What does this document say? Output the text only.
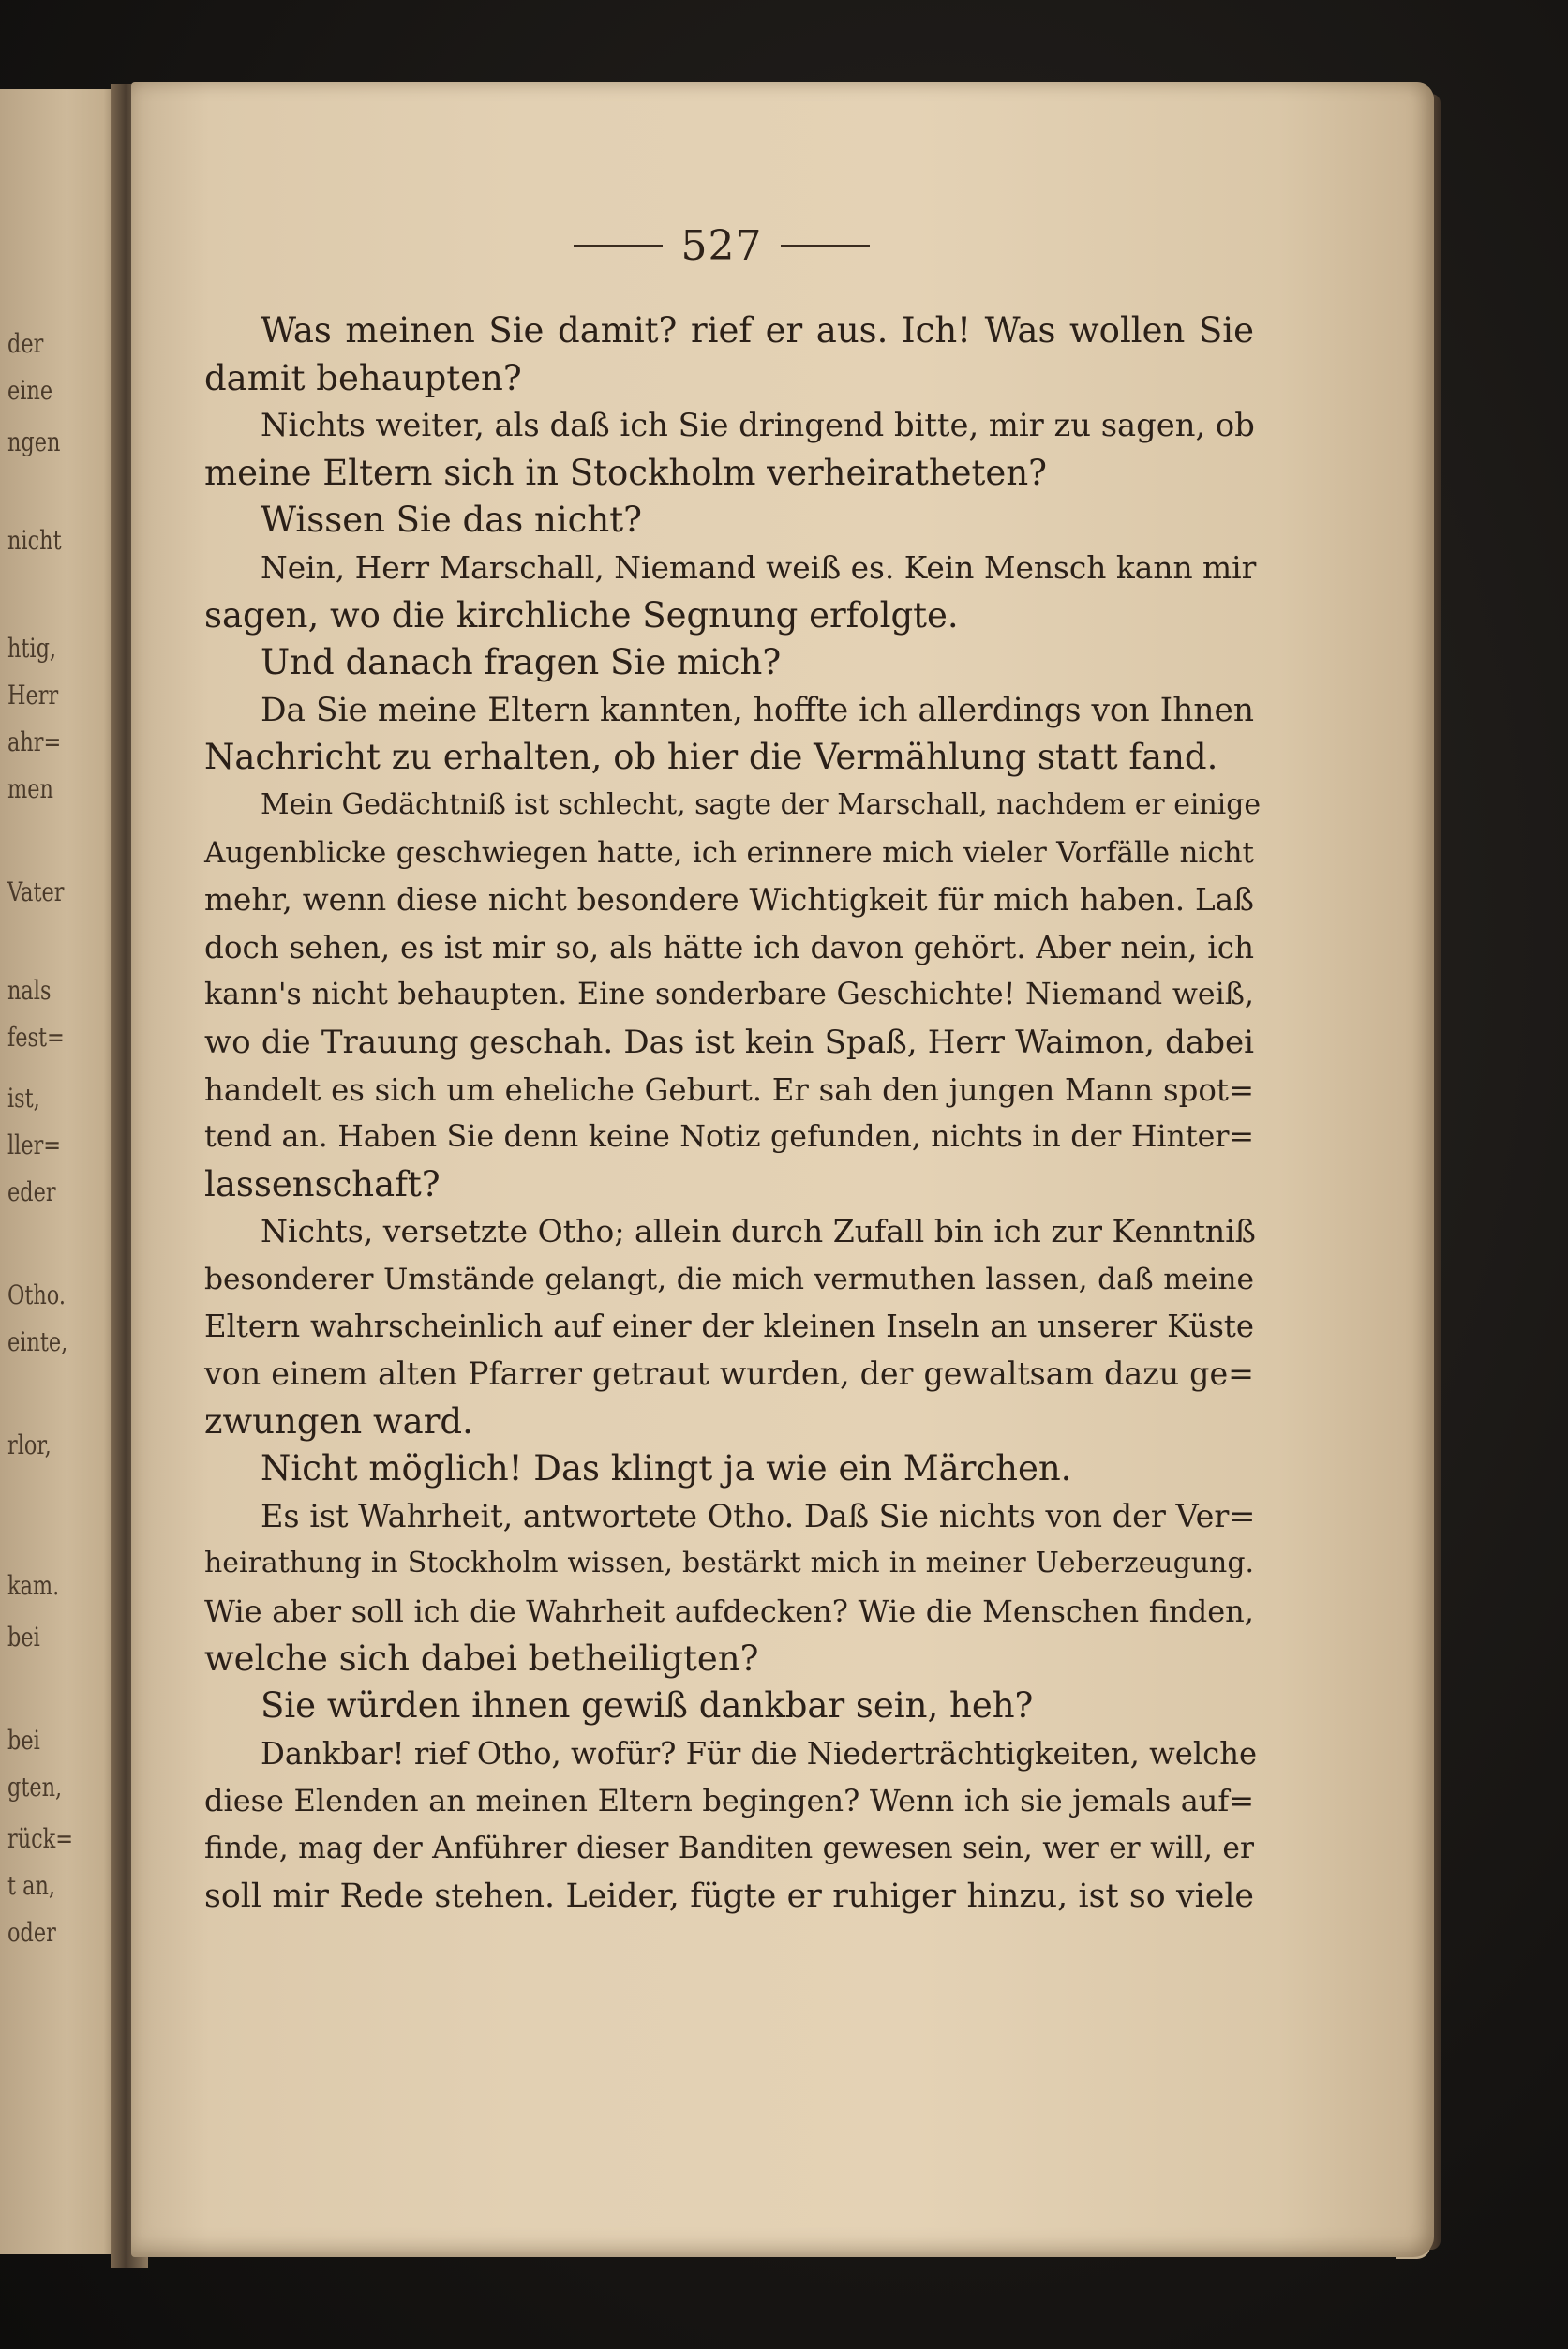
der
eine
ngen
nicht
htig,
Herr
ahr=
men
Vater
nals
fest=
ist,
ller=
eder
Otho.
einte,
rlor,
kam.
bei
bei
gten,
rück=
t an,
oder
527
Was meinen Sie damit? rief er aus. Ich! Was wollen Sie
damit behaupten?
Nichts weiter, als daß ich Sie dringend bitte, mir zu sagen, ob
meine Eltern sich in Stockholm verheiratheten?
Wissen Sie das nicht?
Nein, Herr Marschall, Niemand weiß es. Kein Mensch kann mir
sagen, wo die kirchliche Segnung erfolgte.
Und danach fragen Sie mich?
Da Sie meine Eltern kannten, hoffte ich allerdings von Ihnen
Nachricht zu erhalten, ob hier die Vermählung statt fand.
Mein Gedächtniß ist schlecht, sagte der Marschall, nachdem er einige
Augenblicke geschwiegen hatte, ich erinnere mich vieler Vorfälle nicht
mehr, wenn diese nicht besondere Wichtigkeit für mich haben. Laß
doch sehen, es ist mir so, als hätte ich davon gehört. Aber nein, ich
kann's nicht behaupten. Eine sonderbare Geschichte! Niemand weiß,
wo die Trauung geschah. Das ist kein Spaß, Herr Waimon, dabei
handelt es sich um eheliche Geburt. Er sah den jungen Mann spot=
tend an. Haben Sie denn keine Notiz gefunden, nichts in der Hinter=
lassenschaft?
Nichts, versetzte Otho; allein durch Zufall bin ich zur Kenntniß
besonderer Umstände gelangt, die mich vermuthen lassen, daß meine
Eltern wahrscheinlich auf einer der kleinen Inseln an unserer Küste
von einem alten Pfarrer getraut wurden, der gewaltsam dazu ge=
zwungen ward.
Nicht möglich! Das klingt ja wie ein Märchen.
Es ist Wahrheit, antwortete Otho. Daß Sie nichts von der Ver=
heirathung in Stockholm wissen, bestärkt mich in meiner Ueberzeugung.
Wie aber soll ich die Wahrheit aufdecken? Wie die Menschen finden,
welche sich dabei betheiligten?
Sie würden ihnen gewiß dankbar sein, heh?
Dankbar! rief Otho, wofür? Für die Niederträchtigkeiten, welche
diese Elenden an meinen Eltern begingen? Wenn ich sie jemals auf=
finde, mag der Anführer dieser Banditen gewesen sein, wer er will, er
soll mir Rede stehen. Leider, fügte er ruhiger hinzu, ist so viele
